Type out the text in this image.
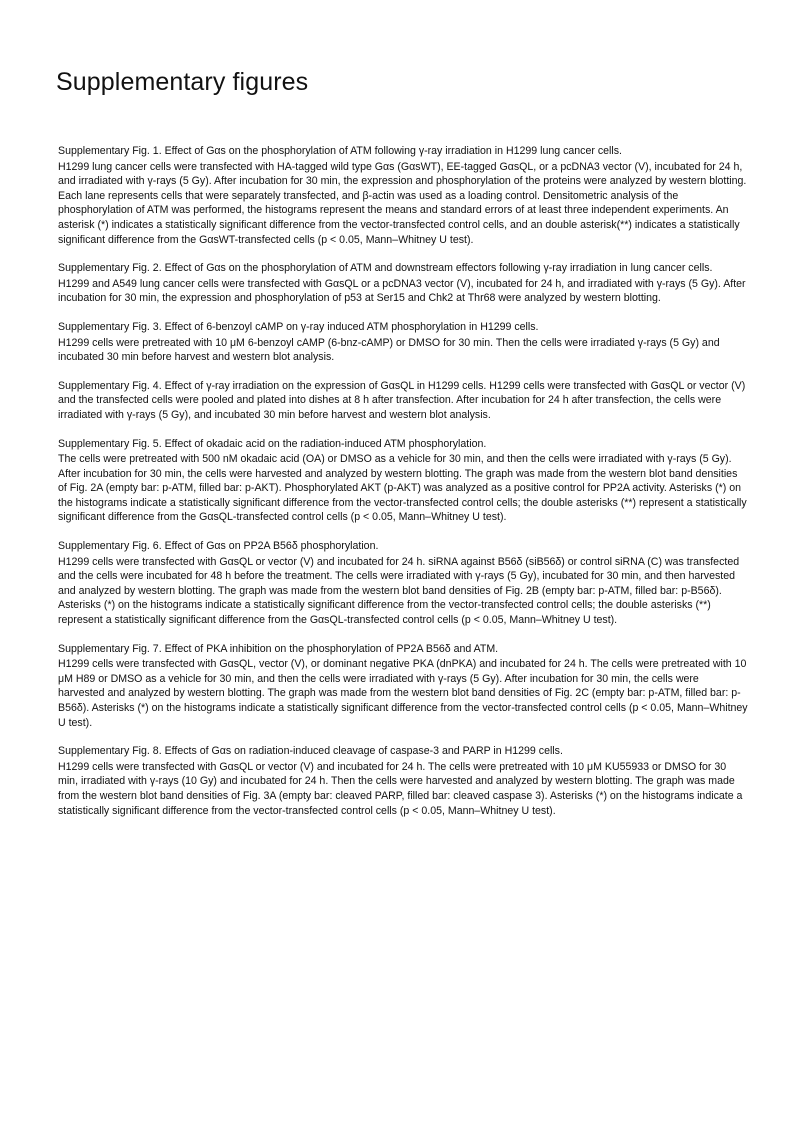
Supplementary figures

Supplementary Fig. 1. Effect of Gαs on the phosphorylation of ATM following γ-ray irradiation in H1299 lung cancer cells.

H1299 lung cancer cells were transfected with HA-tagged wild type Gαs (GαsWT), EE-tagged GαsQL, or a pcDNA3 vector (V), incubated for 24 h, and irradiated with γ-rays (5 Gy). After incubation for 30 min, the expression and phosphorylation of the proteins were analyzed by western blotting. Each lane represents cells that were separately transfected, and β-actin was used as a loading control. Densitometric analysis of the phosphorylation of ATM was performed, the histograms represent the means and standard errors of at least three independent experiments. An asterisk (*) indicates a statistically significant difference from the vector-transfected control cells, and an double asterisk(**) indicates a statistically significant difference from the GαsWT-transfected cells (p < 0.05, Mann–Whitney U test).

Supplementary Fig. 2. Effect of Gαs on the phosphorylation of ATM and downstream effectors following γ-ray irradiation in lung cancer cells.

H1299 and A549 lung cancer cells were transfected with GαsQL or a pcDNA3 vector (V), incubated for 24 h, and irradiated with γ-rays (5 Gy). After incubation for 30 min, the expression and phosphorylation of p53 at Ser15 and Chk2 at Thr68 were analyzed by western blotting.

Supplementary Fig. 3. Effect of 6-benzoyl cAMP on γ-ray induced ATM phosphorylation in H1299 cells.

H1299 cells were pretreated with 10 μM 6-benzoyl cAMP (6-bnz-cAMP) or DMSO for 30 min. Then the cells were irradiated γ-rays (5 Gy) and incubated 30 min before harvest and western blot analysis.

Supplementary Fig. 4. Effect of γ-ray irradiation on the expression of GαsQL in H1299 cells. H1299 cells were transfected with GαsQL or vector (V) and the transfected cells were pooled and plated into dishes at 8 h after transfection. After incubation for 24 h after transfection, the cells were irradiated with γ-rays (5 Gy), and incubated 30 min before harvest and western blot analysis.

Supplementary Fig. 5. Effect of okadaic acid on the radiation-induced ATM phosphorylation.

The cells were pretreated with 500 nM okadaic acid (OA) or DMSO as a vehicle for 30 min, and then the cells were irradiated with γ-rays (5 Gy). After incubation for 30 min, the cells were harvested and analyzed by western blotting. The graph was made from the western blot band densities of Fig. 2A (empty bar: p-ATM, filled bar: p-AKT). Phosphorylated AKT (p-AKT) was analyzed as a positive control for PP2A activity. Asterisks (*) on the histograms indicate a statistically significant difference from the vector-transfected control cells; the double asterisks (**) represent a statistically significant difference from the GαsQL-transfected control cells (p < 0.05, Mann–Whitney U test).

Supplementary Fig. 6. Effect of Gαs on PP2A B56δ phosphorylation.

H1299 cells were transfected with GαsQL or vector (V) and incubated for 24 h. siRNA against B56δ (siB56δ) or control siRNA (C) was transfected and the cells were incubated for 48 h before the treatment. The cells were irradiated with γ-rays (5 Gy), incubated for 30 min, and then harvested and analyzed by western blotting. The graph was made from the western blot band densities of Fig. 2B (empty bar: p-ATM, filled bar: p-B56δ). Asterisks (*) on the histograms indicate a statistically significant difference from the vector-transfected control cells; the double asterisks (**) represent a statistically significant difference from the GαsQL-transfected control cells (p < 0.05, Mann–Whitney U test).

Supplementary Fig. 7. Effect of PKA inhibition on the phosphorylation of PP2A B56δ and ATM.

H1299 cells were transfected with GαsQL, vector (V), or dominant negative PKA (dnPKA) and incubated for 24 h. The cells were pretreated with 10 μM H89 or DMSO as a vehicle for 30 min, and then the cells were irradiated with γ-rays (5 Gy). After incubation for 30 min, the cells were harvested and analyzed by western blotting. The graph was made from the western blot band densities of Fig. 2C (empty bar: p-ATM, filled bar: p-B56δ). Asterisks (*) on the histograms indicate a statistically significant difference from the vector-transfected control cells (p < 0.05, Mann–Whitney U test).

Supplementary Fig. 8. Effects of Gαs on radiation-induced cleavage of caspase-3 and PARP in H1299 cells.

H1299 cells were transfected with GαsQL or vector (V) and incubated for 24 h. The cells were pretreated with 10 μM KU55933 or DMSO for 30 min, irradiated with γ-rays (10 Gy) and incubated for 24 h. Then the cells were harvested and analyzed by western blotting. The graph was made from the western blot band densities of Fig. 3A (empty bar: cleaved PARP, filled bar: cleaved caspase 3). Asterisks (*) on the histograms indicate a statistically significant difference from the vector-transfected control cells (p < 0.05, Mann–Whitney U test).
